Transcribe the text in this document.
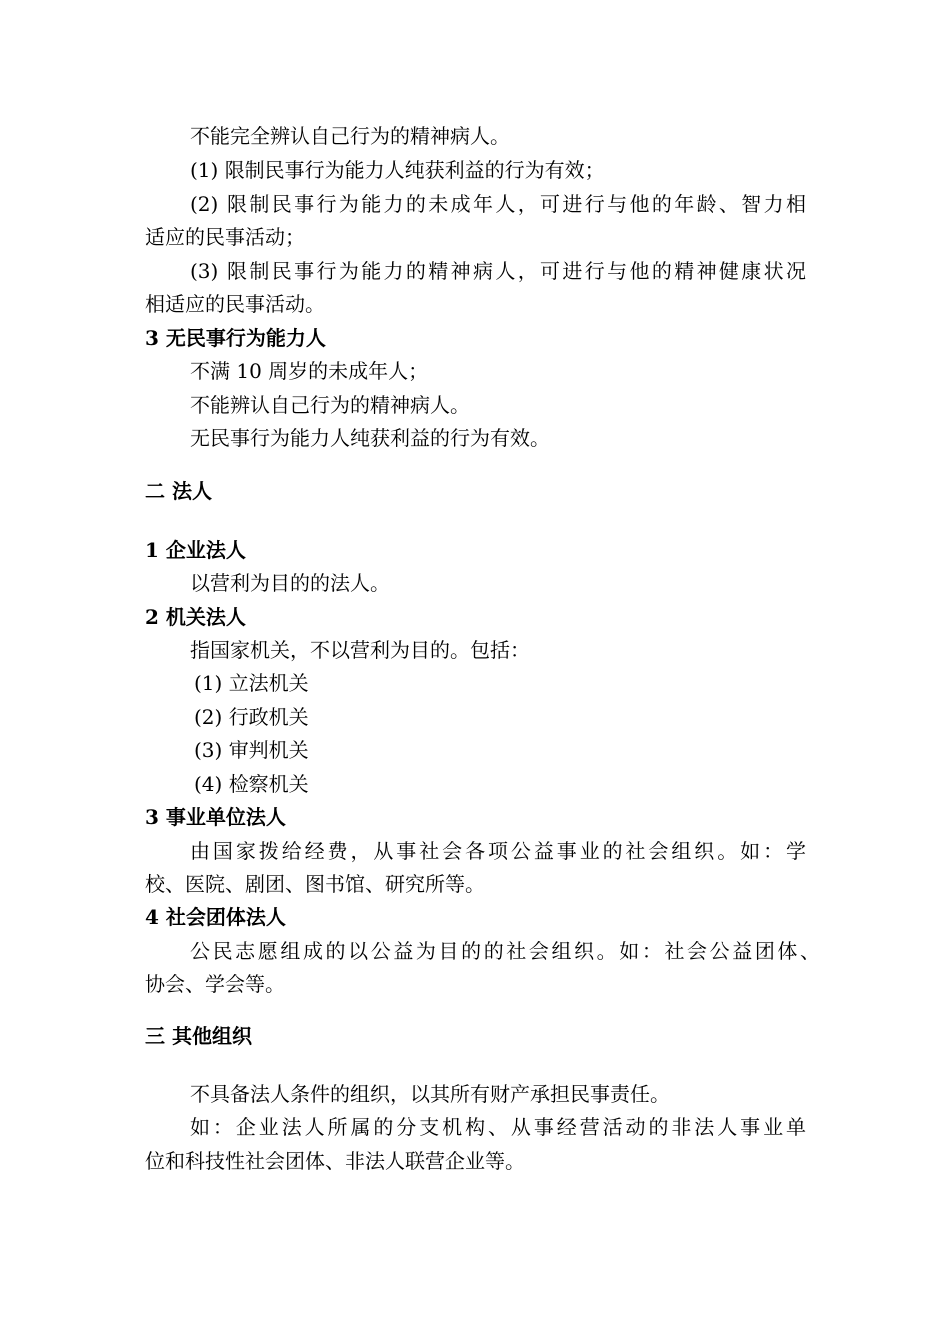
不能完全辨认自己行为的精神病人。
(1) 限制民事行为能力人纯获利益的行为有效；
(2) 限制民事行为能力的未成年人，可进行与他的年龄、智力相
适应的民事活动；
(3) 限制民事行为能力的精神病人，可进行与他的精神健康状况
相适应的民事活动。
3 无民事行为能力人
不满 10 周岁的未成年人；
不能辨认自己行为的精神病人。
无民事行为能力人纯获利益的行为有效。
二 法人
1 企业法人
以营利为目的的法人。
2 机关法人
指国家机关，不以营利为目的。包括：
(1) 立法机关
(2) 行政机关
(3) 审判机关
(4) 检察机关
3 事业单位法人
由国家拨给经费，从事社会各项公益事业的社会组织。如：学
校、医院、剧团、图书馆、研究所等。
4 社会团体法人
公民志愿组成的以公益为目的的社会组织。如：社会公益团体、
协会、学会等。
三 其他组织
不具备法人条件的组织，以其所有财产承担民事责任。
如：企业法人所属的分支机构、从事经营活动的非法人事业单
位和科技性社会团体、非法人联营企业等。
